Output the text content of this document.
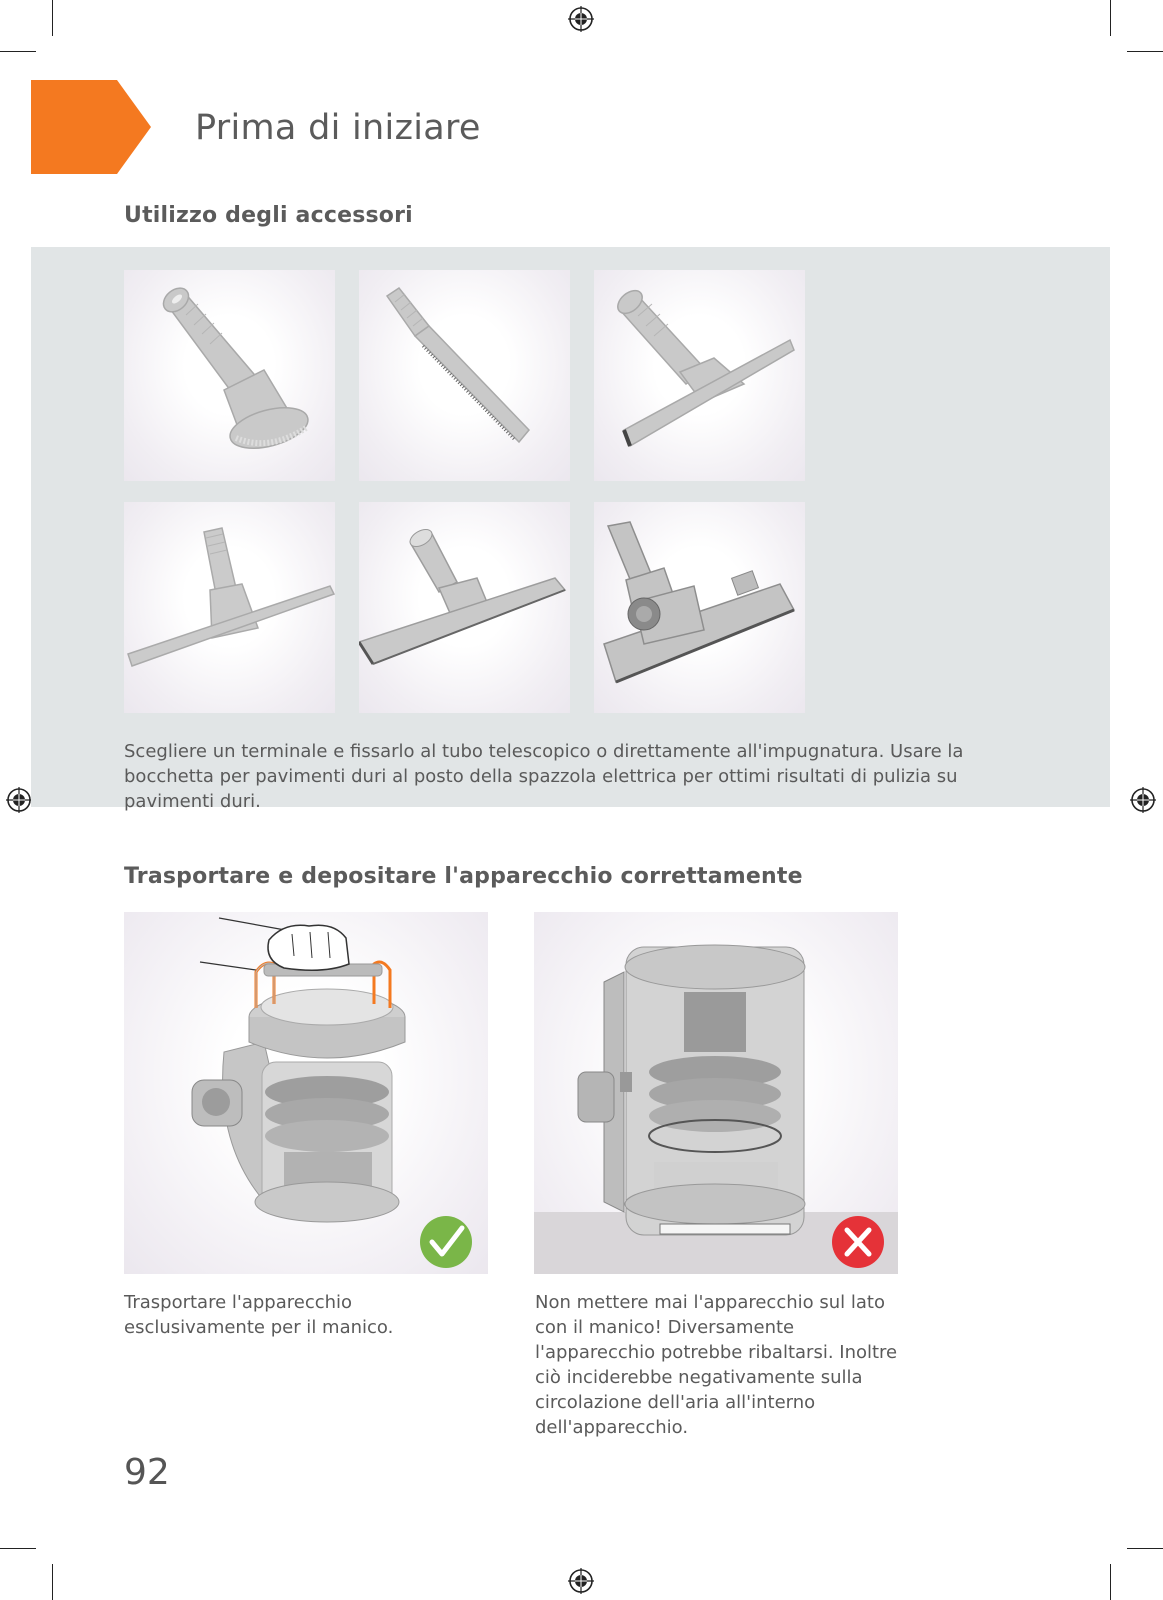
Prima di iniziare
Utilizzo degli accessori
Scegliere un terminale e fissarlo al tubo telescopico o direttamente all'impugnatura. Usare la bocchetta per pavimenti duri al posto della spazzola elettrica per ottimi risultati di pulizia su pavimenti duri.
Trasportare e depositare l'apparecchio correttamente
Trasportare l'apparecchio esclusivamente per il manico.
Non mettere mai l'apparecchio sul lato con il manico! Diversamente l'apparecchio potrebbe ribaltarsi. Inoltre ciò inciderebbe negativamente sulla circolazione dell'aria all'interno dell'apparecchio.
92
